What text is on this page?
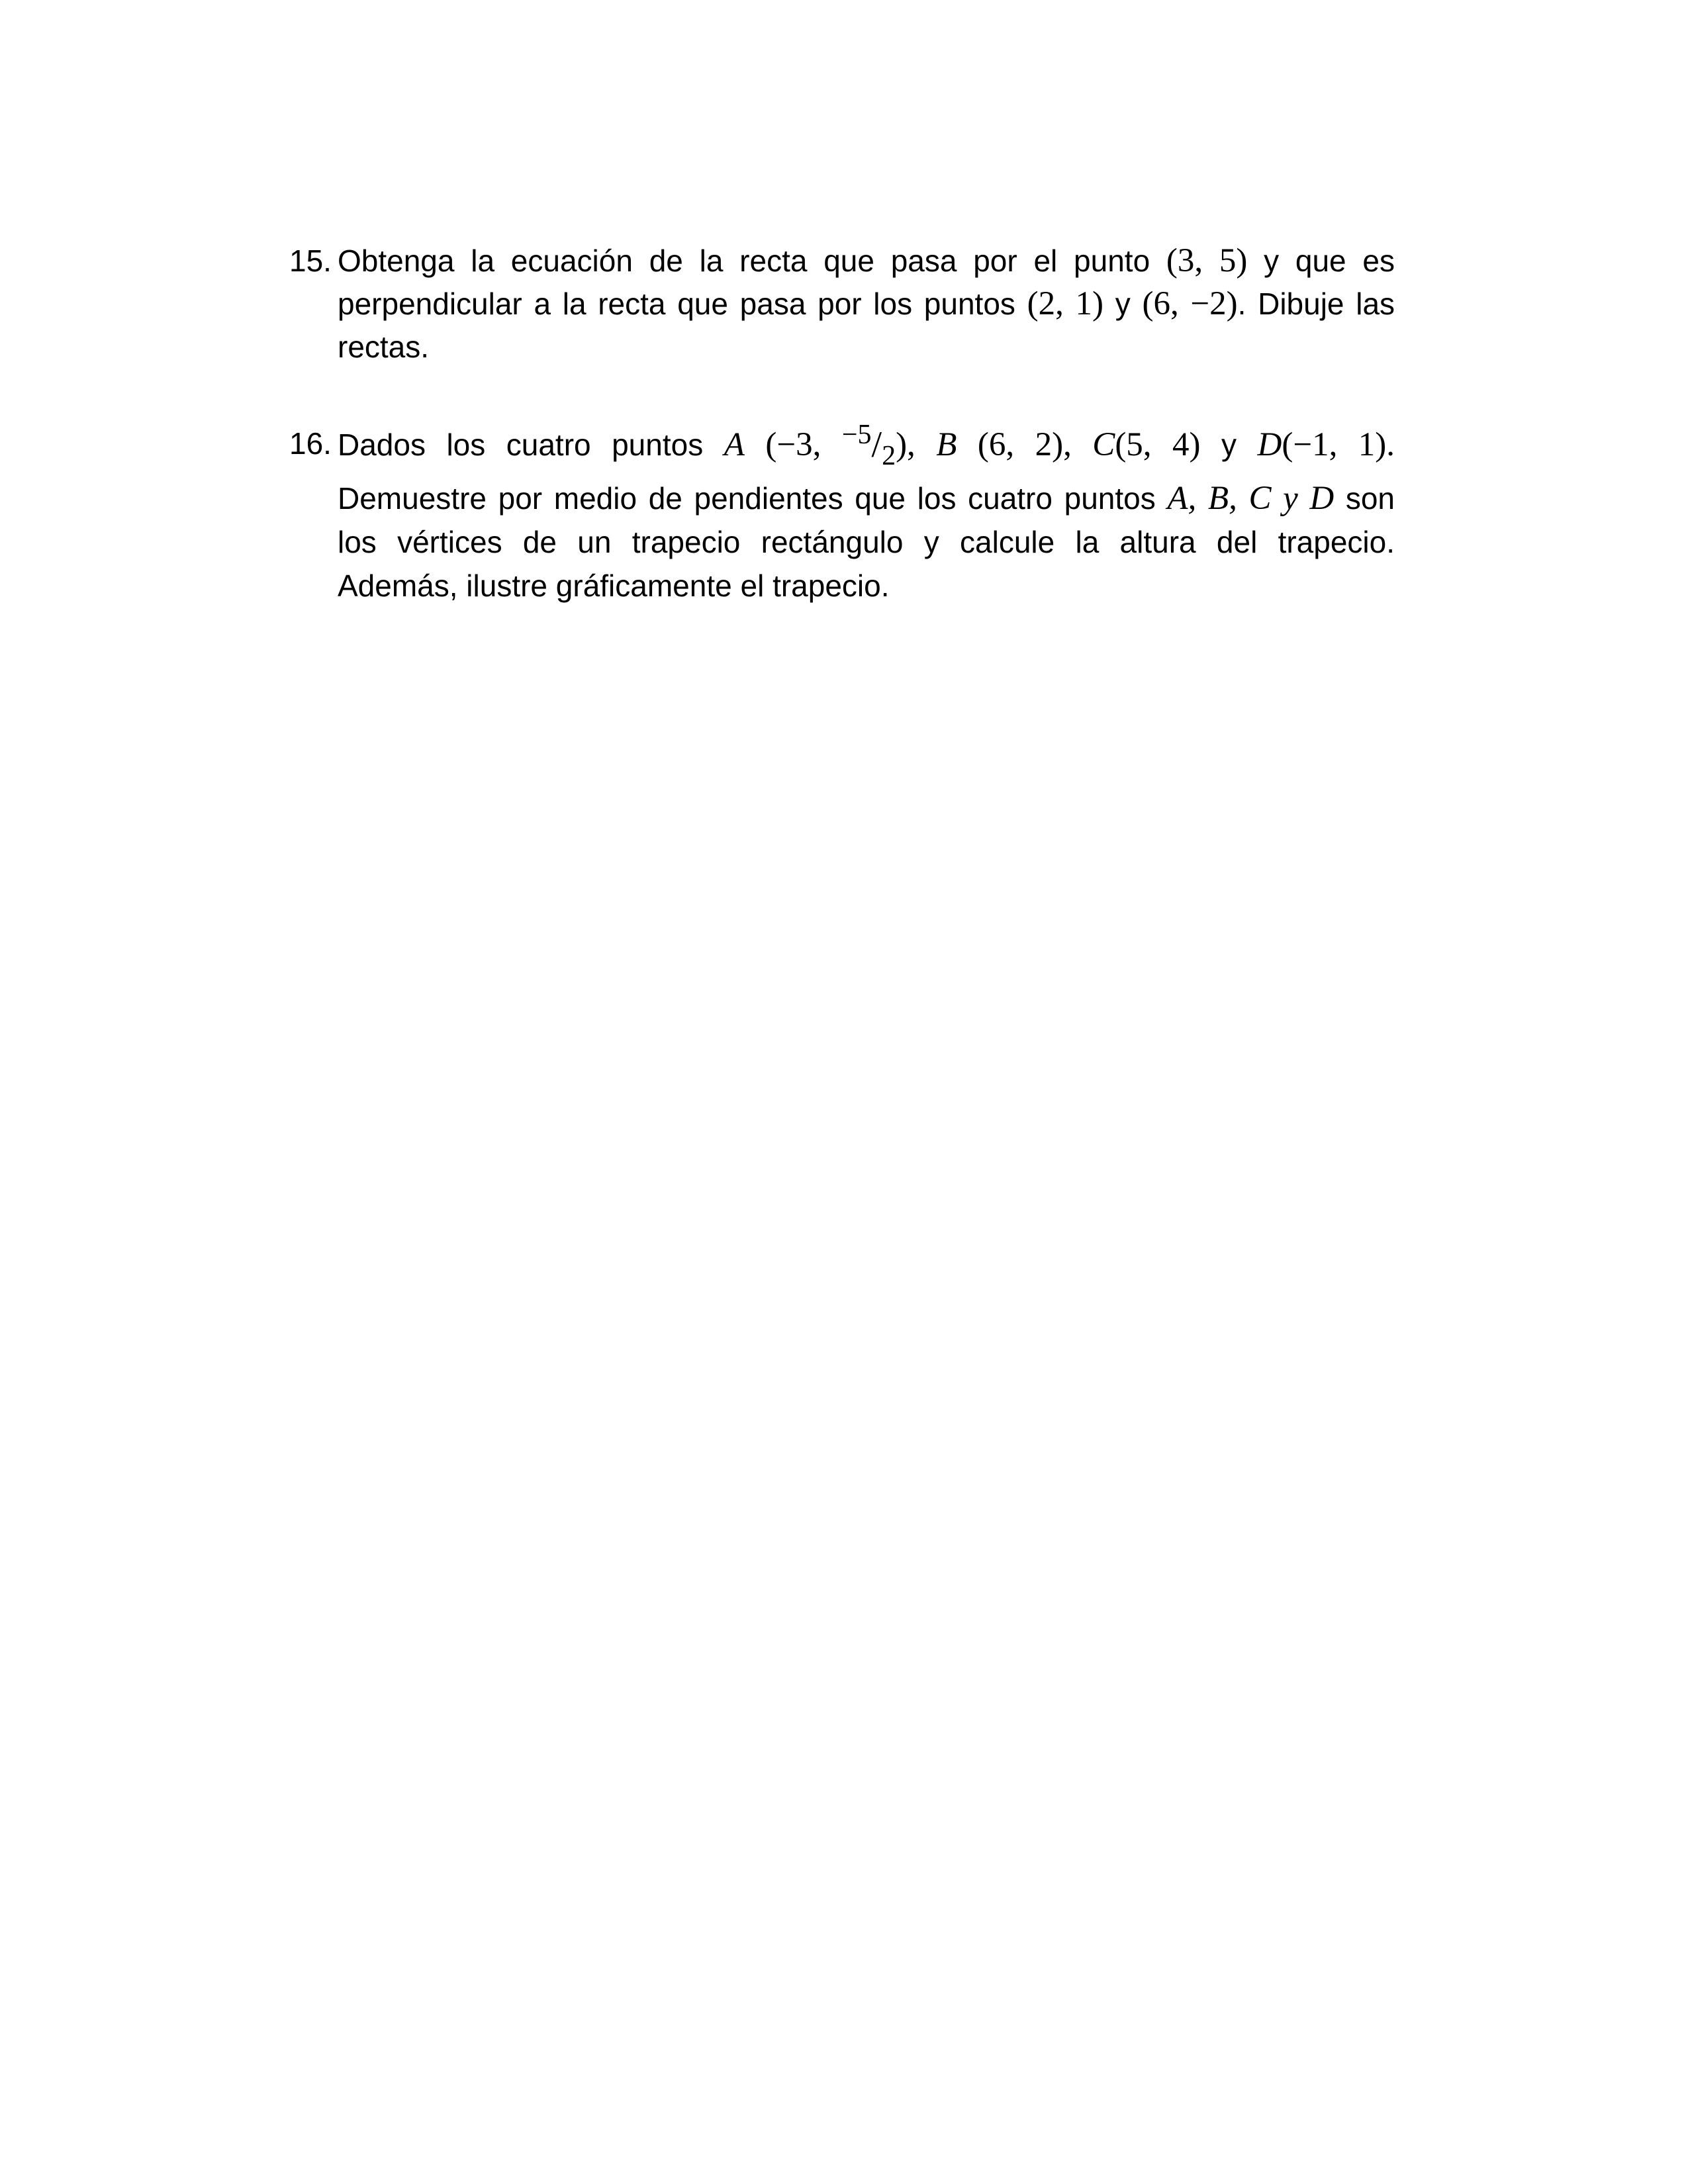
15. Obtenga la ecuación de la recta que pasa por el punto (3, 5) y que es
perpendicular a la recta que pasa por los puntos (2, 1) y (6, −2). Dibuje las
rectas.
16. Dados los cuatro puntos A (−3, $^{-5}/_2$), B (6, 2), C(5, 4) y D(−1, 1).
Demuestre por medio de pendientes que los cuatro puntos A, B, C y D son
los vértices de un trapecio rectángulo y calcule la altura del trapecio.
Además, ilustre gráficamente el trapecio.
